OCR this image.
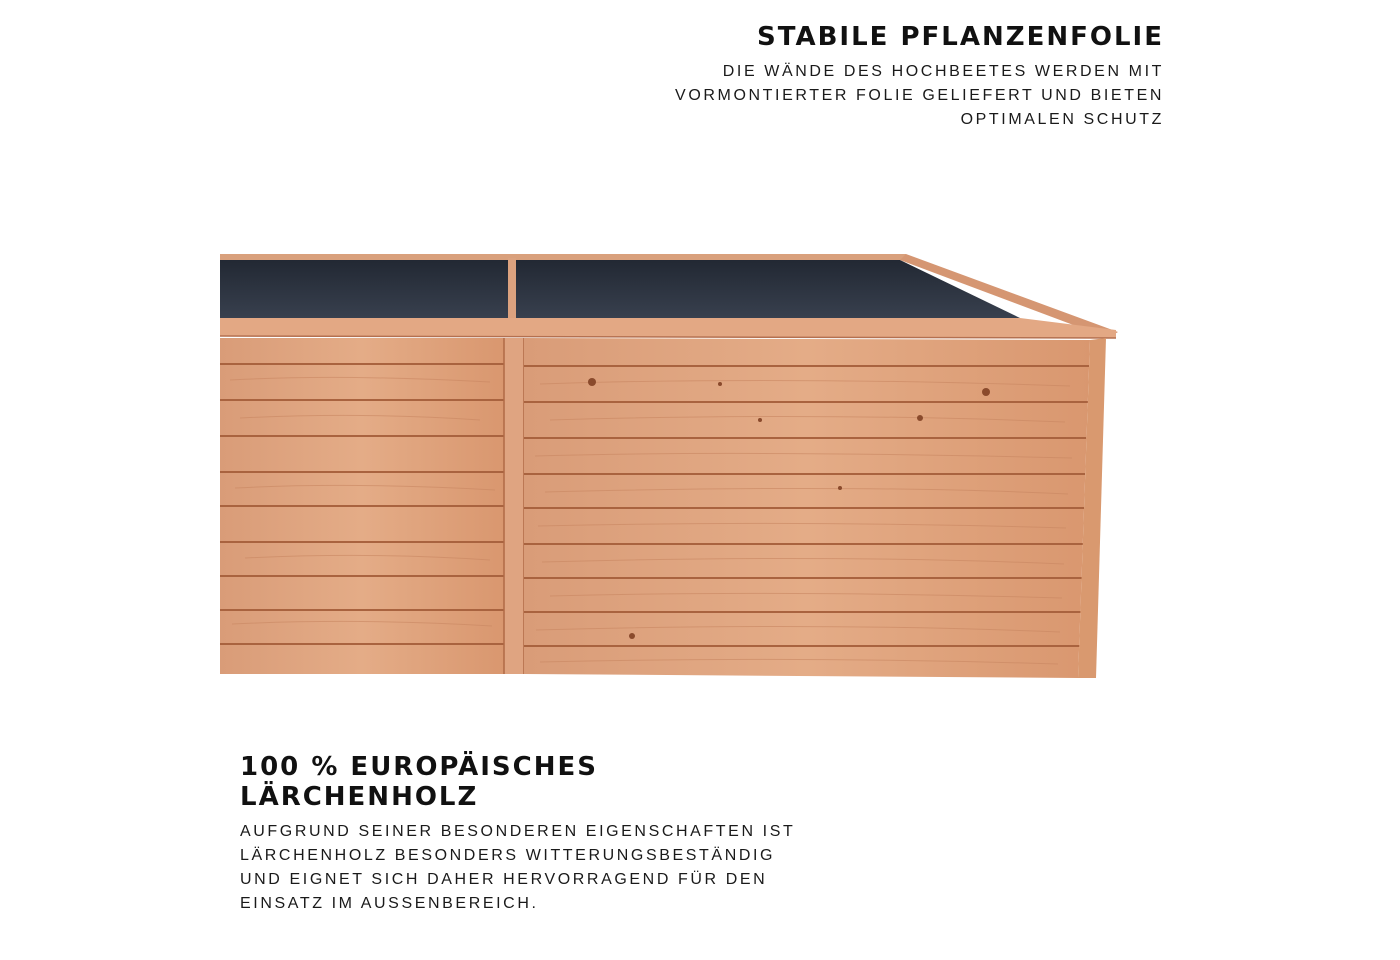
STABILE PFLANZENFOLIE

DIE WÄNDE DES HOCHBEETES WERDEN MIT
VORMONTIERTER FOLIE GELIEFERT UND BIETEN
OPTIMALEN SCHUTZ

100 % EUROPÄISCHES
LÄRCHENHOLZ

AUFGRUND SEINER BESONDEREN EIGENSCHAFTEN IST
LÄRCHENHOLZ BESONDERS WITTERUNGSBESTÄNDIG
UND EIGNET SICH DAHER HERVORRAGEND FÜR DEN
EINSATZ IM AUSSENBEREICH.
